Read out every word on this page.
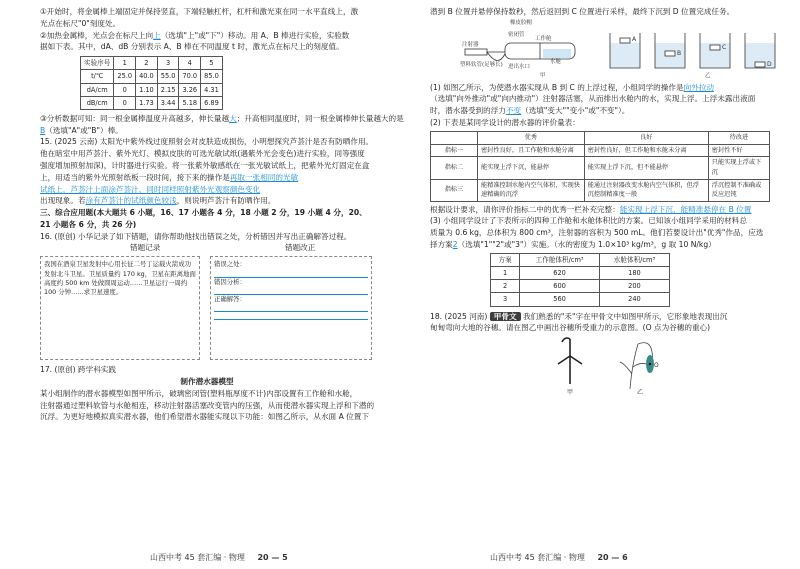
①开始时，将金属棒上端固定并保持竖直，下端轻触杠杆，杠杆和激光束在同一水平直线上，激

光点在标尺"0"刻度处。

②加热金属棒，光点会在标尺上向上（选填"上"或"下"）移动。用 A、B 棒进行实验，实验数

据如下表。其中，dA、dB 分别表示 A、B 棒在不同温度 t 时，激光点在标尺上的刻度值。

实验序号	1	2	3	4	5
t/℃	25.0	40.0	55.0	70.0	85.0
dA/cm	0	1.10	2.15	3.26	4.31
dB/cm	0	1.73	3.44	5.18	6.89

③分析数据可知：同一根金属棒温度升高越多，伸长量越大；升高相同温度时，同一根金属棒伸长量越大的是

B（选填"A"或"B"）棒。

15. (2025 云南) 太阳光中紫外线过度照射会对皮肤造成损伤，小明想探究芦荟汁是否有防晒作用。

他在暗室中用芦荟汁、紫外光灯、模拟皮肤的可选光敏试纸(遇紫外光会变色)进行实验，同等强度

强度增加照射加深)，计时器进行实验。将一张紫外敏感纸在一张光敏试纸上，把紫外光灯固定在盒

上，用适当的紫外光照射纸板一段时间，接下来的操作是再取一张相同的光敏

试纸上，芦荟汁上面涂芦荟汁，同时同样照射紫外光观察颜色变化

出现现象。若涂有芦荟汁的试纸颜色较浅，则说明芦荟汁有防晒作用。

三、综合应用题(本大题共 6 小题，16、17 小题各 4 分，18 小题 2 分，19 小题 4 分，20、21 小题各 6 分，共 26 分)

16. (原创) 小华记录了如下错题，请你帮助他找出错误之处，分析错因并写出正确解答过程。

错题记录	错题改正
我国在酒泉卫星发射中心用长征二号丁运载火箭成功发射北斗卫星。卫星质量约 170 kg，卫星在距离地面高度约 500 km 处做圆周运动……卫星运行一周约 100 分钟……求卫星速度。
错误之处：
错因分析：
正确解答：

17. (原创) 跨学科实践

制作潜水器模型

某小组制作的潜水器模型如图甲所示，破璃密闭管(塑料瓶厚度不计)内部设置有工作舱和水舱，

注射器通过塑料软管与水舱相连，移动注射器活塞改变管内的压强，从而使潜水器实现上浮和下潜的

沉浮。为更好地模拟真实潜水器，他们希望潜水器能实现以下功能：如图乙所示，从水面 A 位置下

山西中考 45 套汇编 · 物理 20 — 5

潜到 B 位置并悬停保持数秒，然后返回到 C 位置进行采样，最终下沉到 D 位置完成任务。

橡皮胶帽
工作舱
密闭管
水舱
进出水口
注射器
塑料软管(足够长)
甲	乙
A
B
C
D

(1) 如图乙所示，为使潜水器实现从 B 到 C 的上浮过程，小组同学的操作是向外拉动

（选填"向外推动"或"向内推动"）注射器活塞，从而排出水舱内的水，实现上浮。上浮未露出液面时，潜水器受到的浮力不变（选填"变大""变小"或"不变"）。

(2) 下表是某同学设计的潜水器的评价量表：

	优秀	良好	待改进
指标一	密封性良好，且工作舱和水舱分离	密封性良好，但工作舱和水舱未分离	密封性不好
指标二	能实现上浮下沉，能悬停	能实现上浮下沉，但不能悬停	只能实现上浮或下沉
指标三	能精准控制水舱内空气体积，实现快速精确的沉浮	能通过注射器改变水舱内空气体积，但浮沉控制精准度一般	浮沉控制不准确或反应迟钝

根据设计要求，请你评价指标二中的优秀一栏补充完整：能实现上浮下沉，能精准悬停在 B 位置

(3) 小组同学设计了下表所示的四种工作舱和水舱体积比的方案。已知该小组同学采用的材料总

质量为 0.6 kg，总体积为 800 cm³，注射器的容积为 500 mL。他们若要设计出"优秀"作品，应选

择方案2（选填"1""2"或"3"）实施。（水的密度为 1.0×10³ kg/m³，g 取 10 N/kg）

方案	工作舱体积/cm³	水舱体积/cm³
1	620	180
2	600	200
3	560	240

18. (2025 河南) 甲骨文 我们熟悉的"禾"字在甲骨文中如图甲所示，它形象地表现出沉

甸甸弯向大地的谷穗。请在图乙中画出谷穗所受重力的示意图。(O 点为谷穗的重心)

甲	乙
O
山西中考 45 套汇编 · 物理 20 — 6
